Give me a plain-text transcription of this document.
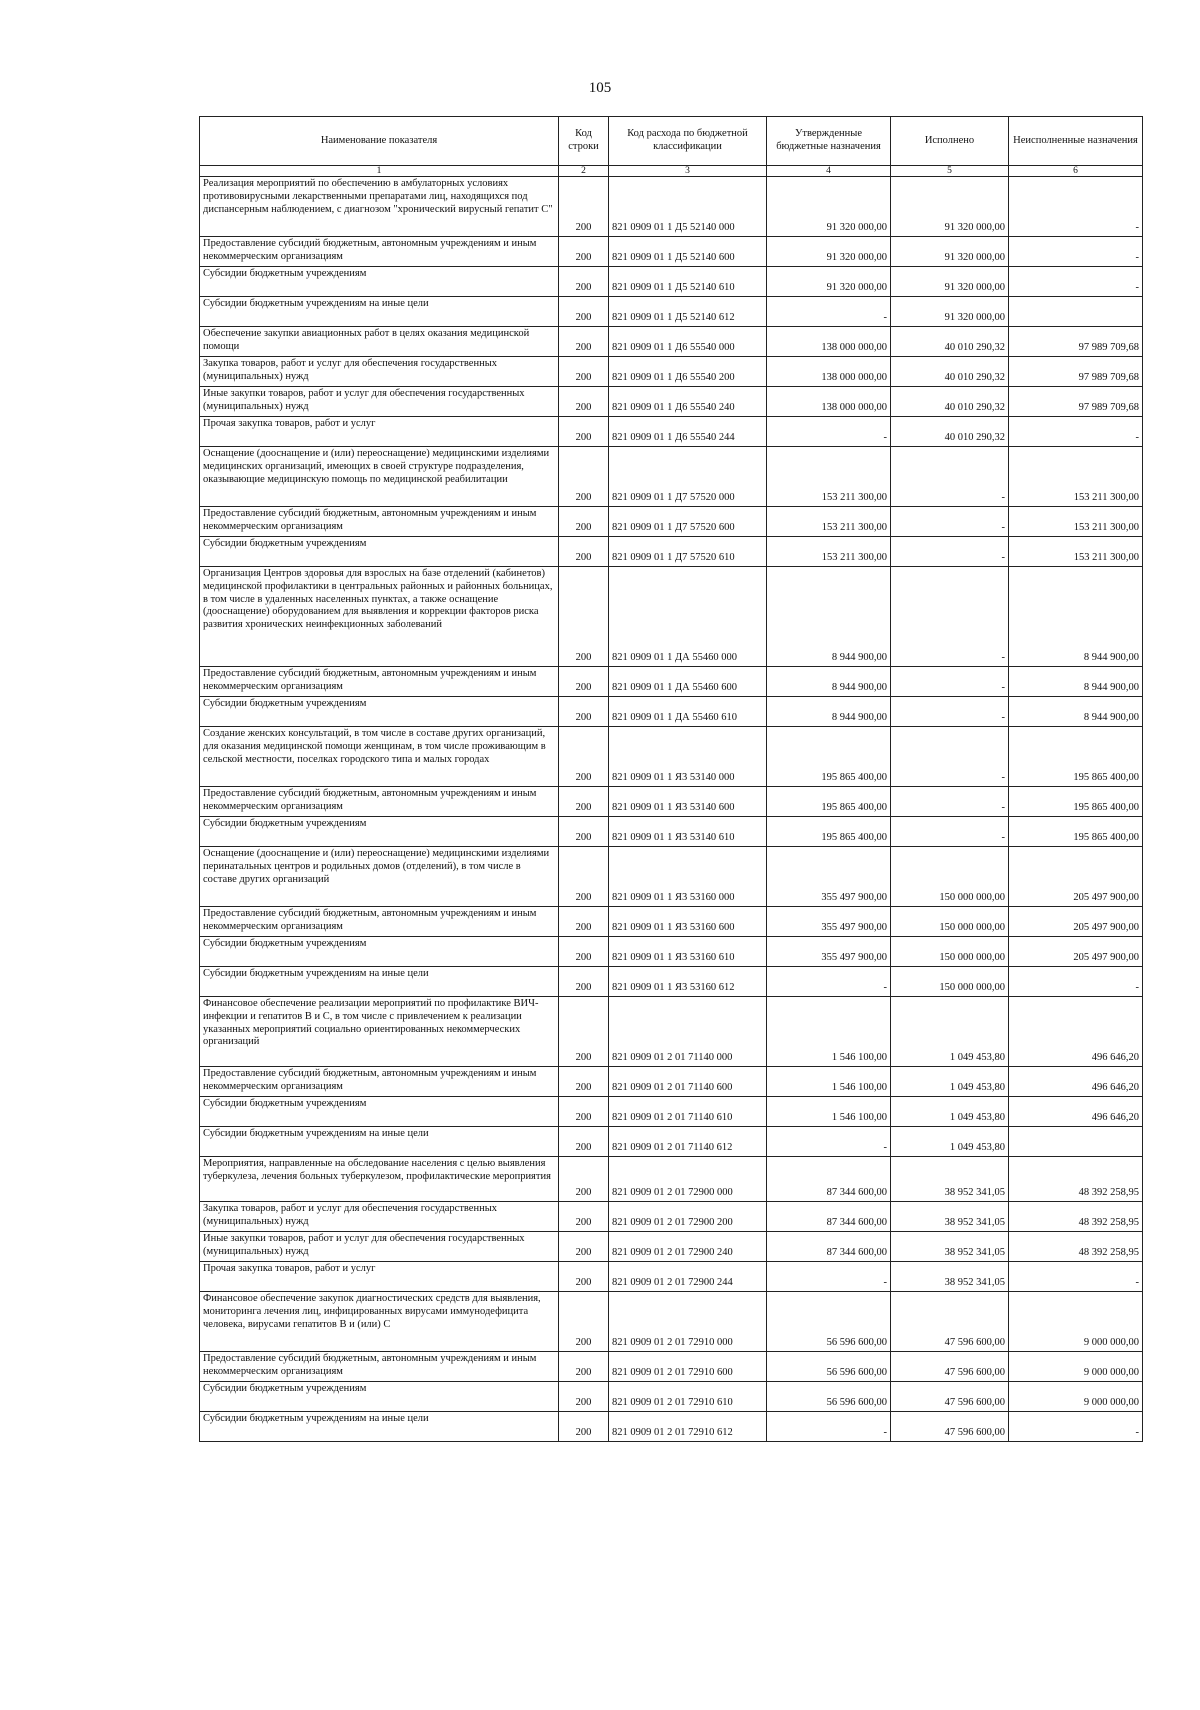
105
Наименование показателя	Код строки	Код расхода по бюджетной классификации	Утвержденные бюджетные назначения	Исполнено	Неисполненные назначения
1	2	3	4	5	6
Реализация мероприятий по обеспечению в амбулаторных условиях противовирусными лекарственными препаратами лиц, находящихся под диспансерным наблюдением, с диагнозом "хронический вирусный гепатит С"	200	821 0909 01 1 Д5 52140 000	91 320 000,00	91 320 000,00	-
Предоставление субсидий бюджетным, автономным учреждениям и иным некоммерческим организациям	200	821 0909 01 1 Д5 52140 600	91 320 000,00	91 320 000,00	-
Субсидии бюджетным учреждениям	200	821 0909 01 1 Д5 52140 610	91 320 000,00	91 320 000,00	-
Субсидии бюджетным учреждениям на иные цели	200	821 0909 01 1 Д5 52140 612	-	91 320 000,00	
Обеспечение закупки авиационных работ в целях оказания медицинской помощи	200	821 0909 01 1 Д6 55540 000	138 000 000,00	40 010 290,32	97 989 709,68
Закупка товаров, работ и услуг для обеспечения государственных (муниципальных) нужд	200	821 0909 01 1 Д6 55540 200	138 000 000,00	40 010 290,32	97 989 709,68
Иные закупки товаров, работ и услуг для обеспечения государственных (муниципальных) нужд	200	821 0909 01 1 Д6 55540 240	138 000 000,00	40 010 290,32	97 989 709,68
Прочая закупка товаров, работ и услуг	200	821 0909 01 1 Д6 55540 244	-	40 010 290,32	-
Оснащение (дооснащение и (или) переоснащение) медицинскими изделиями медицинских организаций, имеющих в своей структуре подразделения, оказывающие медицинскую помощь по медицинской реабилитации	200	821 0909 01 1 Д7 57520 000	153 211 300,00	-	153 211 300,00
Предоставление субсидий бюджетным, автономным учреждениям и иным некоммерческим организациям	200	821 0909 01 1 Д7 57520 600	153 211 300,00	-	153 211 300,00
Субсидии бюджетным учреждениям	200	821 0909 01 1 Д7 57520 610	153 211 300,00	-	153 211 300,00
Организация Центров здоровья для взрослых на базе отделений (кабинетов) медицинской профилактики в центральных районных и районных больницах, в том числе в удаленных населенных пунктах, а также оснащение (дооснащение) оборудованием для выявления и коррекции факторов риска развития хронических неинфекционных заболеваний	200	821 0909 01 1 ДА 55460 000	8 944 900,00	-	8 944 900,00
Предоставление субсидий бюджетным, автономным учреждениям и иным некоммерческим организациям	200	821 0909 01 1 ДА 55460 600	8 944 900,00	-	8 944 900,00
Субсидии бюджетным учреждениям	200	821 0909 01 1 ДА 55460 610	8 944 900,00	-	8 944 900,00
Создание женских консультаций, в том числе в составе других организаций, для оказания медицинской помощи женщинам, в том числе проживающим в сельской местности, поселках городского типа и малых городах	200	821 0909 01 1 Я3 53140 000	195 865 400,00	-	195 865 400,00
Предоставление субсидий бюджетным, автономным учреждениям и иным некоммерческим организациям	200	821 0909 01 1 Я3 53140 600	195 865 400,00	-	195 865 400,00
Субсидии бюджетным учреждениям	200	821 0909 01 1 Я3 53140 610	195 865 400,00	-	195 865 400,00
Оснащение (дооснащение и (или) переоснащение) медицинскими изделиями перинатальных центров и родильных домов (отделений), в том числе в составе других организаций	200	821 0909 01 1 Я3 53160 000	355 497 900,00	150 000 000,00	205 497 900,00
Предоставление субсидий бюджетным, автономным учреждениям и иным некоммерческим организациям	200	821 0909 01 1 Я3 53160 600	355 497 900,00	150 000 000,00	205 497 900,00
Субсидии бюджетным учреждениям	200	821 0909 01 1 Я3 53160 610	355 497 900,00	150 000 000,00	205 497 900,00
Субсидии бюджетным учреждениям на иные цели	200	821 0909 01 1 Я3 53160 612	-	150 000 000,00	-
Финансовое обеспечение реализации мероприятий по профилактике ВИЧ-инфекции и гепатитов В и С, в том числе с привлечением к реализации указанных мероприятий социально ориентированных некоммерческих организаций	200	821 0909 01 2 01 71140 000	1 546 100,00	1 049 453,80	496 646,20
Предоставление субсидий бюджетным, автономным учреждениям и иным некоммерческим организациям	200	821 0909 01 2 01 71140 600	1 546 100,00	1 049 453,80	496 646,20
Субсидии бюджетным учреждениям	200	821 0909 01 2 01 71140 610	1 546 100,00	1 049 453,80	496 646,20
Субсидии бюджетным учреждениям на иные цели	200	821 0909 01 2 01 71140 612	-	1 049 453,80	
Мероприятия, направленные на обследование населения с целью выявления туберкулеза, лечения больных туберкулезом, профилактические мероприятия	200	821 0909 01 2 01 72900 000	87 344 600,00	38 952 341,05	48 392 258,95
Закупка товаров, работ и услуг для обеспечения государственных (муниципальных) нужд	200	821 0909 01 2 01 72900 200	87 344 600,00	38 952 341,05	48 392 258,95
Иные закупки товаров, работ и услуг для обеспечения государственных (муниципальных) нужд	200	821 0909 01 2 01 72900 240	87 344 600,00	38 952 341,05	48 392 258,95
Прочая закупка товаров, работ и услуг	200	821 0909 01 2 01 72900 244	-	38 952 341,05	-
Финансовое обеспечение закупок диагностических средств для выявления, мониторинга лечения лиц, инфицированных вирусами иммунодефицита человека, вирусами гепатитов В и (или) С	200	821 0909 01 2 01 72910 000	56 596 600,00	47 596 600,00	9 000 000,00
Предоставление субсидий бюджетным, автономным учреждениям и иным некоммерческим организациям	200	821 0909 01 2 01 72910 600	56 596 600,00	47 596 600,00	9 000 000,00
Субсидии бюджетным учреждениям	200	821 0909 01 2 01 72910 610	56 596 600,00	47 596 600,00	9 000 000,00
Субсидии бюджетным учреждениям на иные цели	200	821 0909 01 2 01 72910 612	-	47 596 600,00	-
